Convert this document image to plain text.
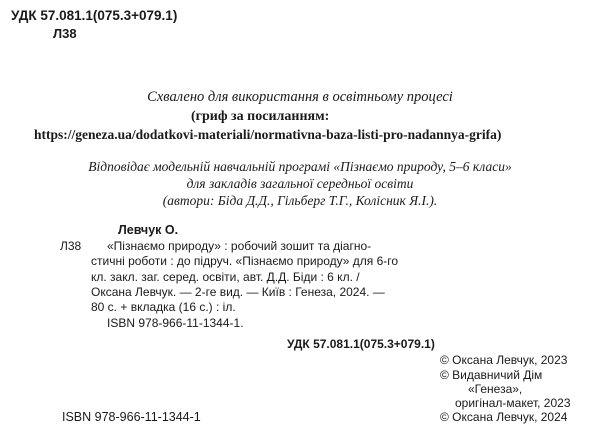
УДК 57.081.1(075.3+079.1)
Л38
Схвалено для використання в освітньому процесі
(гриф за посиланням:
https://geneza.ua/dodatkovi-materiali/normativna-baza-listi-pro-nadannya-grifa)
Відповідає модельній навчальній програмі «Пізнаємо природу, 5–6 класи»
для закладів загальної середньої освіти
(автори: Біда Д.Д., Гільберг Т.Г., Колісник Я.І.).
Левчук О.
Л38 «Пізнаємо природу» : робочий зошит та діагно-
стичні роботи : до підруч. «Пізнаємо природу» для 6-го
кл. закл. заг. серед. освіти, авт. Д.Д. Біди : 6 кл. /
Оксана Левчук. — 2-ге вид. — Київ : Генеза, 2024. —
80 с. + вкладка (16 с.) : іл.
ISBN 978-966-11-1344-1.
УДК 57.081.1(075.3+079.1)
© Оксана Левчук, 2023
© Видавничий Дім
«Генеза»,
оригінал-макет, 2023
© Оксана Левчук, 2024
ISBN 978-966-11-1344-1
